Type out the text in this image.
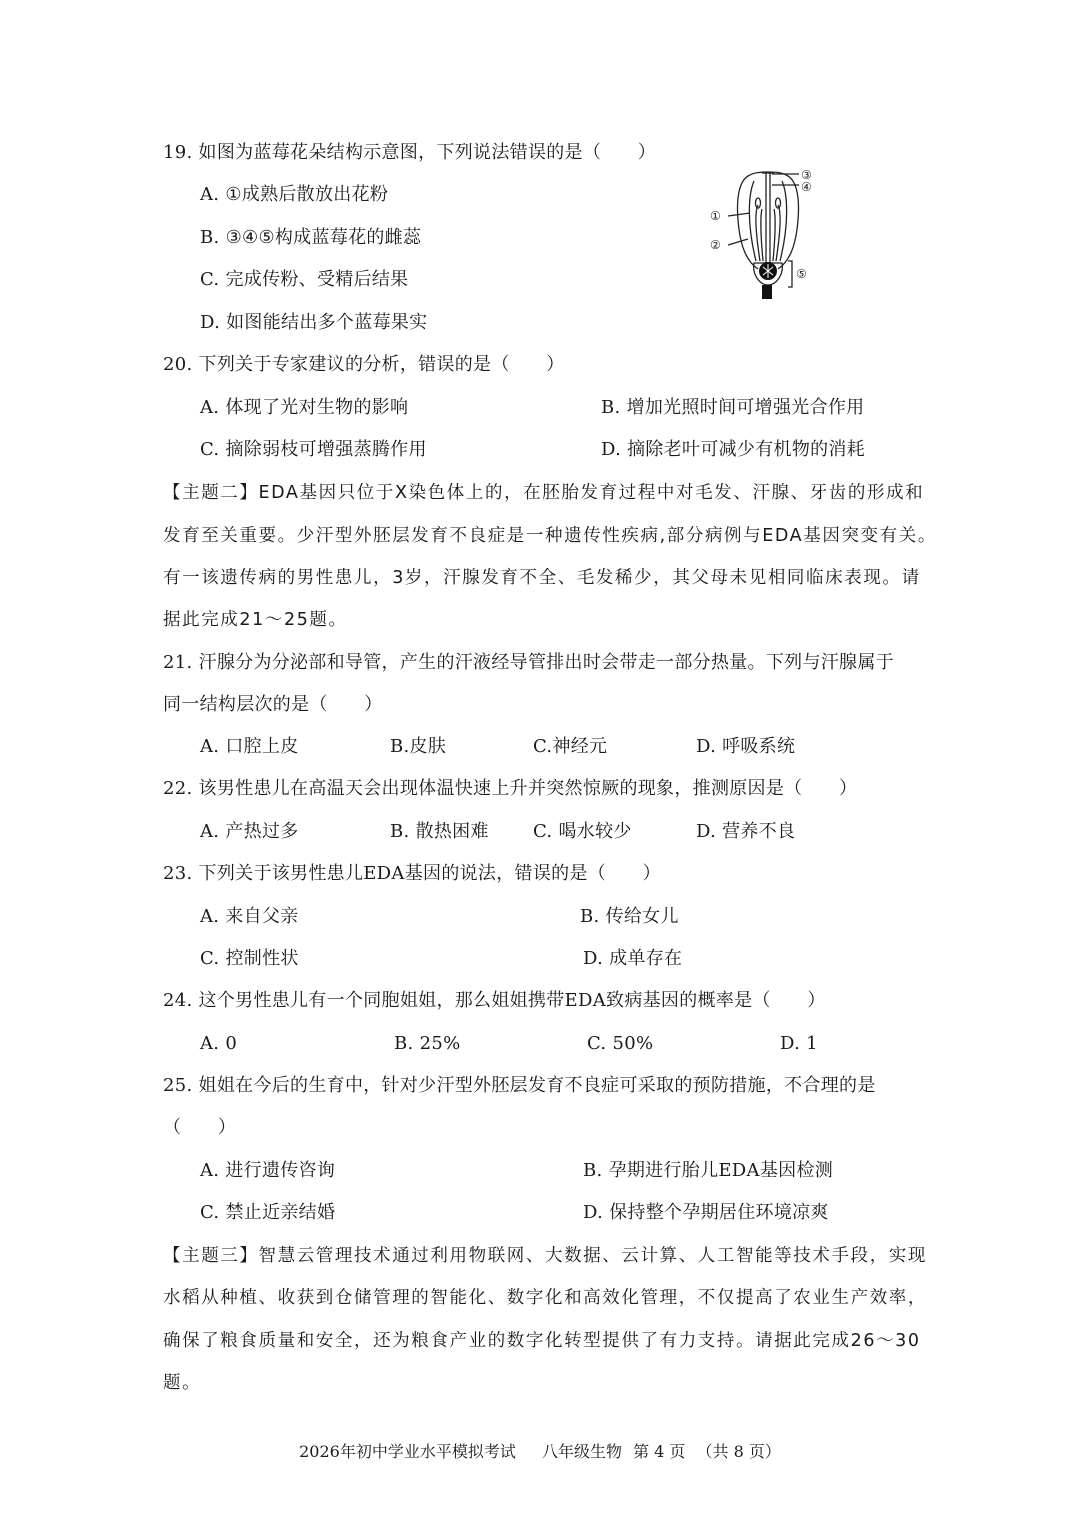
19. 如图为蓝莓花朵结构示意图，下列说法错误的是（　　）
A. ①成熟后散放出花粉
B. ③④⑤构成蓝莓花的雌蕊
C. 完成传粉、受精后结果
D. 如图能结出多个蓝莓果实
③
④
①
②
⑤
20. 下列关于专家建议的分析，错误的是（　　）
A. 体现了光对生物的影响	B. 增加光照时间可增强光合作用
C. 摘除弱枝可增强蒸腾作用	D. 摘除老叶可减少有机物的消耗
【主题二】EDA基因只位于X染色体上的，在胚胎发育过程中对毛发、汗腺、牙齿的形成和
发育至关重要。少汗型外胚层发育不良症是一种遗传性疾病,部分病例与EDA基因突变有关。
有一该遗传病的男性患儿，3岁，汗腺发育不全、毛发稀少，其父母未见相同临床表现。请
据此完成21～25题。
21. 汗腺分为分泌部和导管，产生的汗液经导管排出时会带走一部分热量。下列与汗腺属于
同一结构层次的是（　　）
A. 口腔上皮	B.皮肤	C.神经元	D. 呼吸系统
22. 该男性患儿在高温天会出现体温快速上升并突然惊厥的现象，推测原因是（　　）
A. 产热过多	B. 散热困难 C. 喝水较少	D. 营养不良
23. 下列关于该男性患儿EDA基因的说法，错误的是（　　）
A. 来自父亲	B. 传给女儿
C. 控制性状	D. 成单存在
24. 这个男性患儿有一个同胞姐姐，那么姐姐携带EDA致病基因的概率是（　　）
A. 0	B. 25%	C. 50%	D. 1
25. 姐姐在今后的生育中，针对少汗型外胚层发育不良症可采取的预防措施，不合理的是
（　　）
A. 进行遗传咨询	B. 孕期进行胎儿EDA基因检测
C. 禁止近亲结婚	D. 保持整个孕期居住环境凉爽
【主题三】智慧云管理技术通过利用物联网、大数据、云计算、人工智能等技术手段，实现
水稻从种植、收获到仓储管理的智能化、数字化和高效化管理，不仅提高了农业生产效率，
确保了粮食质量和安全，还为粮食产业的数字化转型提供了有力支持。请据此完成26～30
题。
2026年初中学业水平模拟考试 八年级生物 第 4 页 （共 8 页）
